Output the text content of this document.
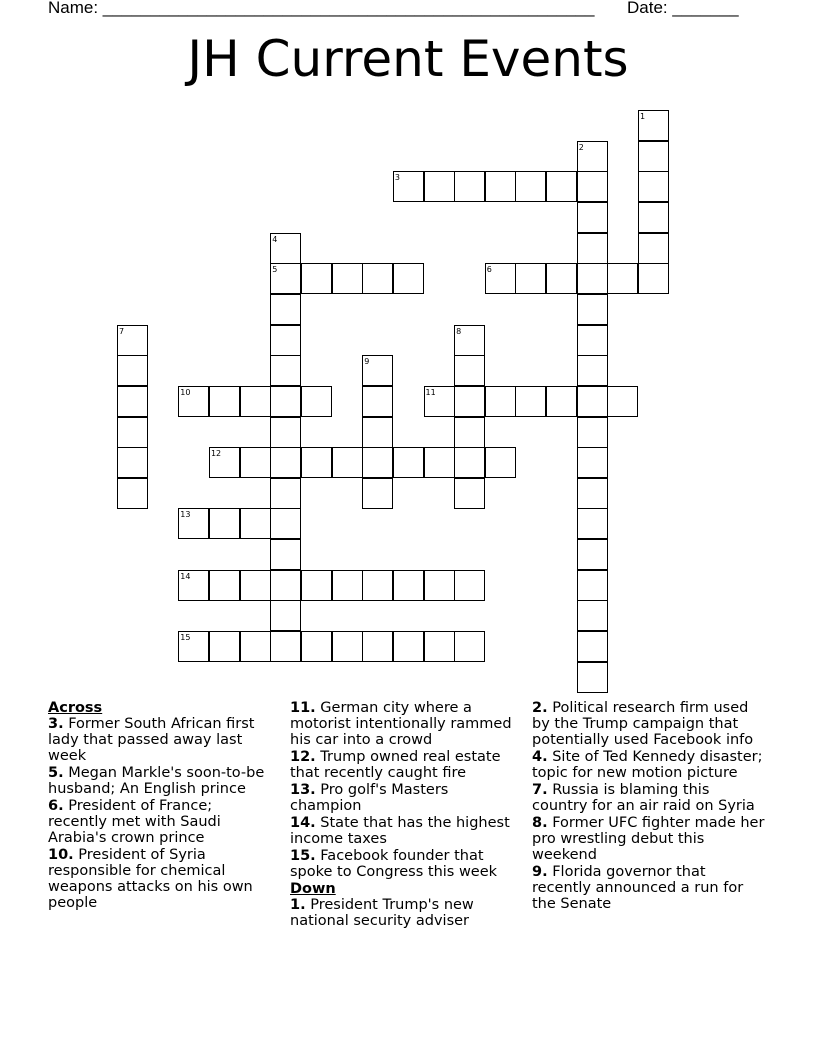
Name: ____________________________________________________ Date: _______
JH Current Events
1
2
3
4
5	6
7	8
9
10	11
12
13
14
15
Across
3. Former South African first lady that passed away last week
5. Megan Markle's soon-to-be husband; An English prince
6. President of France; recently met with Saudi Arabia's crown prince
10. President of Syria responsible for chemical weapons attacks on his own people
11. German city where a motorist intentionally rammed his car into a crowd
12. Trump owned real estate that recently caught fire
13. Pro golf's Masters champion
14. State that has the highest income taxes
15. Facebook founder that spoke to Congress this week
Down
1. President Trump's new national security adviser
2. Political research firm used by the Trump campaign that potentially used Facebook info
4. Site of Ted Kennedy disaster; topic for new motion picture
7. Russia is blaming this country for an air raid on Syria
8. Former UFC fighter made her pro wrestling debut this weekend
9. Florida governor that recently announced a run for the Senate
